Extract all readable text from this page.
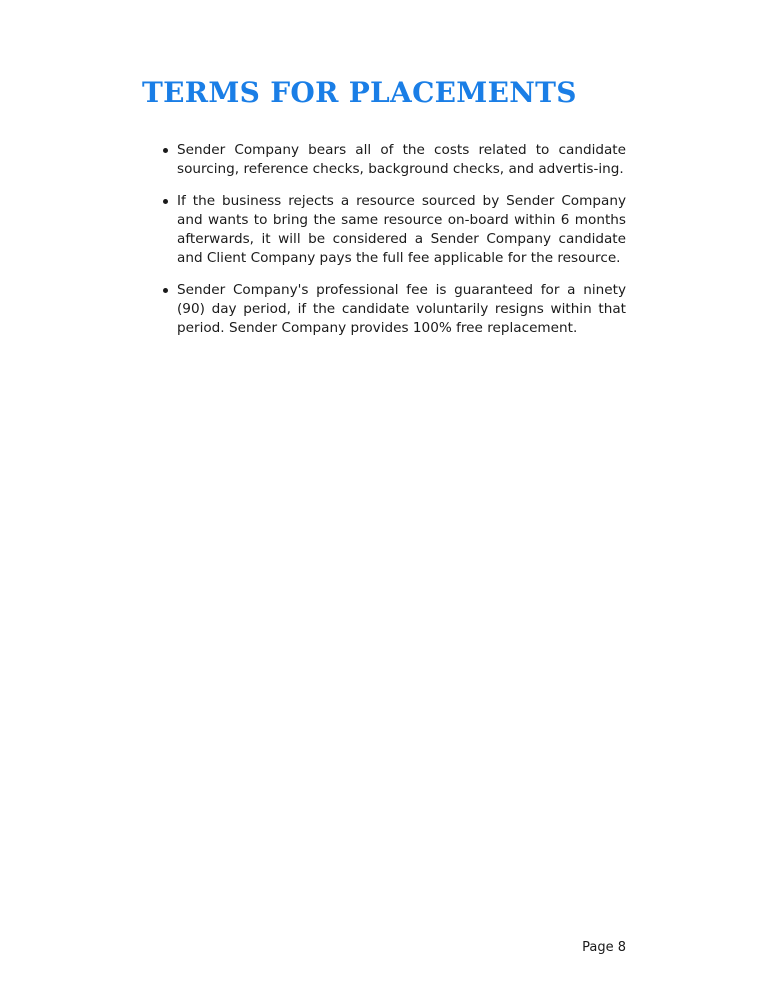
TERMS FOR PLACEMENTS
Sender Company bears all of the costs related to candidate sourcing, reference checks, background checks, and advertis-ing.
If the business rejects a resource sourced by Sender Company and wants to bring the same resource on-board within 6 months afterwards, it will be considered a Sender Company candidate and Client Company pays the full fee applicable for the resource.
Sender Company's professional fee is guaranteed for a ninety (90) day period, if the candidate voluntarily resigns within that period. Sender Company provides 100% free replacement.
Page 8
